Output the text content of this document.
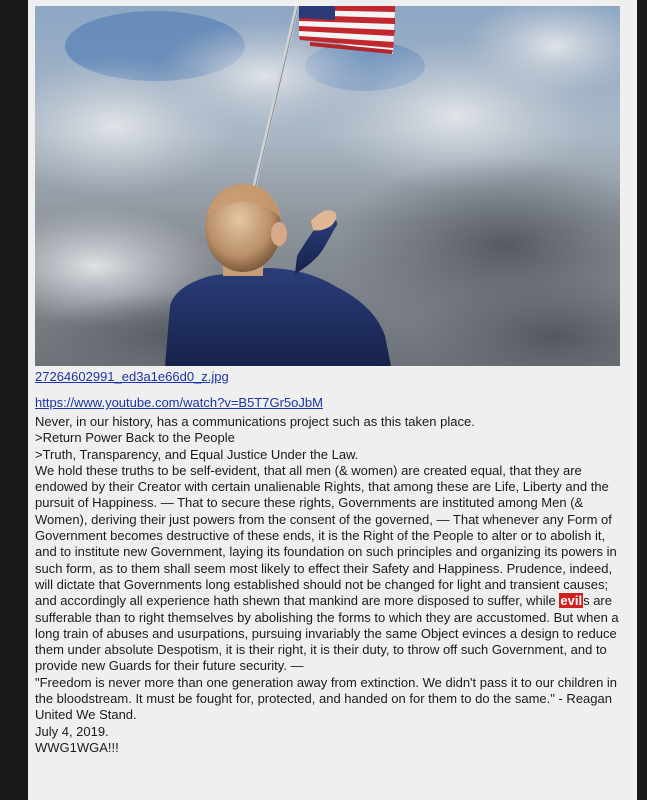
27264602991_ed3a1e66d0_z.jpg
https://www.youtube.com/watch?v=B5T7Gr5oJbM

Never, in our history, has a communications project such as this taken place.

>Return Power Back to the People

>Truth, Transparency, and Equal Justice Under the Law.

We hold these truths to be self-evident, that all men (& women) are created equal, that they are endowed by their Creator with certain unalienable Rights, that among these are Life, Liberty and the pursuit of Happiness. — That to secure these rights, Governments are instituted among Men (& Women), deriving their just powers from the consent of the governed, — That whenever any Form of Government becomes destructive of these ends, it is the Right of the People to alter or to abolish it, and to institute new Government, laying its foundation on such principles and organizing its powers in such form, as to them shall seem most likely to effect their Safety and Happiness. Prudence, indeed, will dictate that Governments long established should not be changed for light and transient causes; and accordingly all experience hath shewn that mankind are more disposed to suffer, while evils are sufferable than to right themselves by abolishing the forms to which they are accustomed. But when a long train of abuses and usurpations, pursuing invariably the same Object evinces a design to reduce them under absolute Despotism, it is their right, it is their duty, to throw off such Government, and to provide new Guards for their future security. —

"Freedom is never more than one generation away from extinction. We didn't pass it to our children in the bloodstream. It must be fought for, protected, and handed on for them to do the same." - Reagan

United We Stand.

July 4, 2019.

WWG1WGA!!!
